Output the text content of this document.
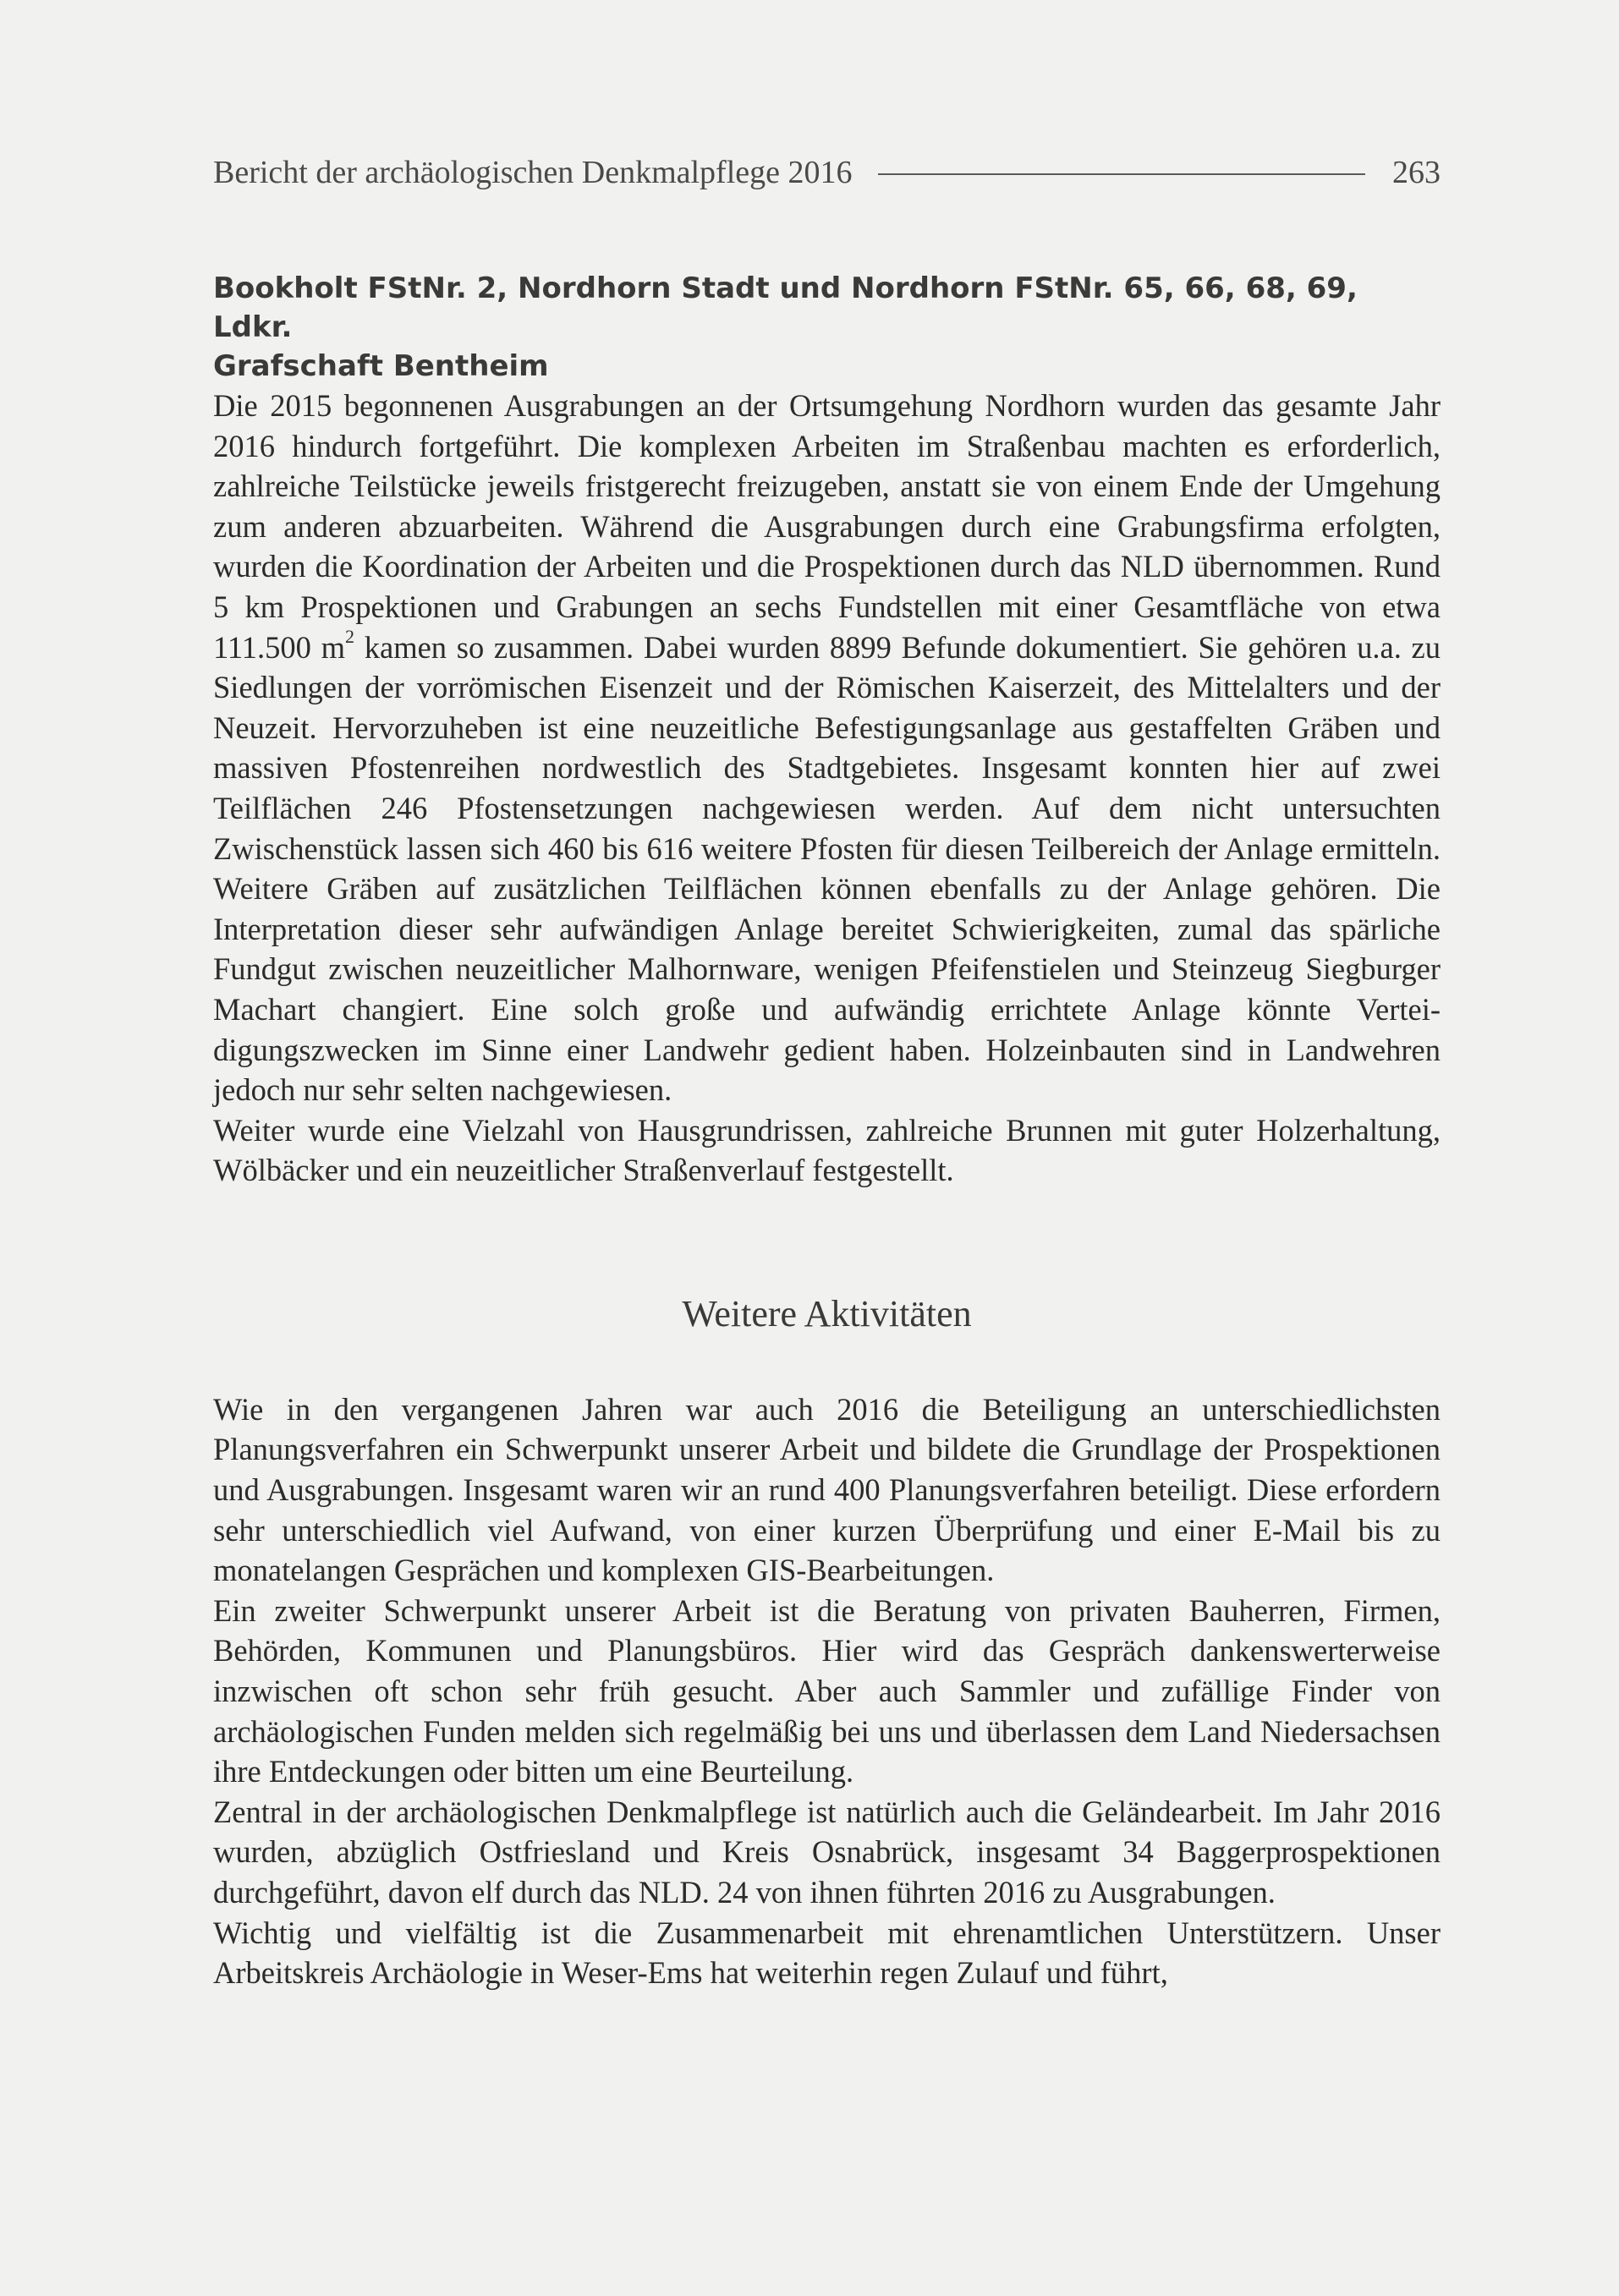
Bericht der archäologischen Denkmalpflege 2016	263
Bookholt FStNr. 2, Nordhorn Stadt und Nordhorn FStNr. 65, 66, 68, 69, Ldkr.
Grafschaft Bentheim

Die 2015 begonnenen Ausgrabungen an der Ortsumgehung Nordhorn wurden das gesamte Jahr 2016 hindurch fortgeführt. Die komplexen Arbeiten im Straßenbau machten es erforderlich, zahlreiche Teilstücke jeweils fristgerecht freizugeben, anstatt sie von einem Ende der Umgehung zum anderen abzuarbeiten. Während die Ausgrabungen durch eine Grabungsfirma erfolgten, wurden die Koordination der Arbeiten und die Prospektionen durch das NLD übernommen. Rund 5 km Prospektionen und Grabungen an sechs Fundstellen mit einer Gesamtfläche von etwa 111.500 $m^2$ kamen so zusammen. Dabei wurden 8899 Befunde dokumentiert. Sie gehören u.a. zu Siedlungen der vorrömischen Eisenzeit und der Römischen Kaiserzeit, des Mittelalters und der Neuzeit. Hervorzuheben ist eine neuzeitliche Befestigungsanlage aus gestaffelten Gräben und massiven Pfostenreihen nordwestlich des Stadtgebietes. Insgesamt konnten hier auf zwei Teilflächen 246 Pfostensetzungen nachgewiesen werden. Auf dem nicht untersuchten Zwischenstück lassen sich 460 bis 616 weitere Pfosten für diesen Teilbereich der Anlage ermitteln. Weitere Gräben auf zusätzlichen Teilflächen können ebenfalls zu der Anlage gehören. Die Interpretation dieser sehr aufwändigen Anlage bereitet Schwierigkeiten, zumal das spärliche Fundgut zwischen neuzeitlicher Malhornware, wenigen Pfeifenstielen und Steinzeug Siegburger Machart changiert. Eine solch große und aufwändig errichtete Anlage könnte Verteidigungszwecken im Sinne einer Landwehr gedient haben. Holzeinbauten sind in Landwehren jedoch nur sehr selten nachgewiesen.

Weiter wurde eine Vielzahl von Hausgrundrissen, zahlreiche Brunnen mit guter Holzerhaltung, Wölbäcker und ein neuzeitlicher Straßenverlauf festgestellt.

Weitere Aktivitäten

Wie in den vergangenen Jahren war auch 2016 die Beteiligung an unterschiedlichsten Planungsverfahren ein Schwerpunkt unserer Arbeit und bildete die Grundlage der Prospektionen und Ausgrabungen. Insgesamt waren wir an rund 400 Planungsverfahren beteiligt. Diese erfordern sehr unterschiedlich viel Aufwand, von einer kurzen Überprüfung und einer E-Mail bis zu monatelangen Gesprächen und komplexen GIS-Bearbeitungen.

Ein zweiter Schwerpunkt unserer Arbeit ist die Beratung von privaten Bauherren, Firmen, Behörden, Kommunen und Planungsbüros. Hier wird das Gespräch dankenswerterweise inzwischen oft schon sehr früh gesucht. Aber auch Sammler und zufällige Finder von archäologischen Funden melden sich regelmäßig bei uns und überlassen dem Land Niedersachsen ihre Entdeckungen oder bitten um eine Beurteilung.

Zentral in der archäologischen Denkmalpflege ist natürlich auch die Geländearbeit. Im Jahr 2016 wurden, abzüglich Ostfriesland und Kreis Osnabrück, insgesamt 34 Baggerprospektionen durchgeführt, davon elf durch das NLD. 24 von ihnen führten 2016 zu Ausgrabungen.

Wichtig und vielfältig ist die Zusammenarbeit mit ehrenamtlichen Unterstützern. Unser Arbeitskreis Archäologie in Weser-Ems hat weiterhin regen Zulauf und führt,
